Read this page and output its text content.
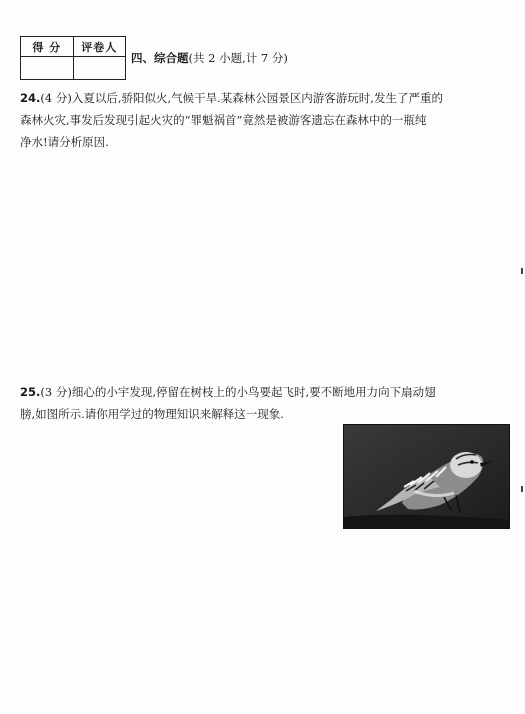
得 分	评卷人
四、综合题(共 2 小题,计 7 分)
24.(4 分)入夏以后,骄阳似火,气候干旱.某森林公园景区内游客游玩时,发生了严重的
森林火灾,事发后发现引起火灾的“罪魁祸首”竟然是被游客遗忘在森林中的一瓶纯
净水!请分析原因.
25.(3 分)细心的小宇发现,停留在树枝上的小鸟要起飞时,要不断地用力向下扇动翅
膀,如图所示.请你用学过的物理知识来解释这一现象.
